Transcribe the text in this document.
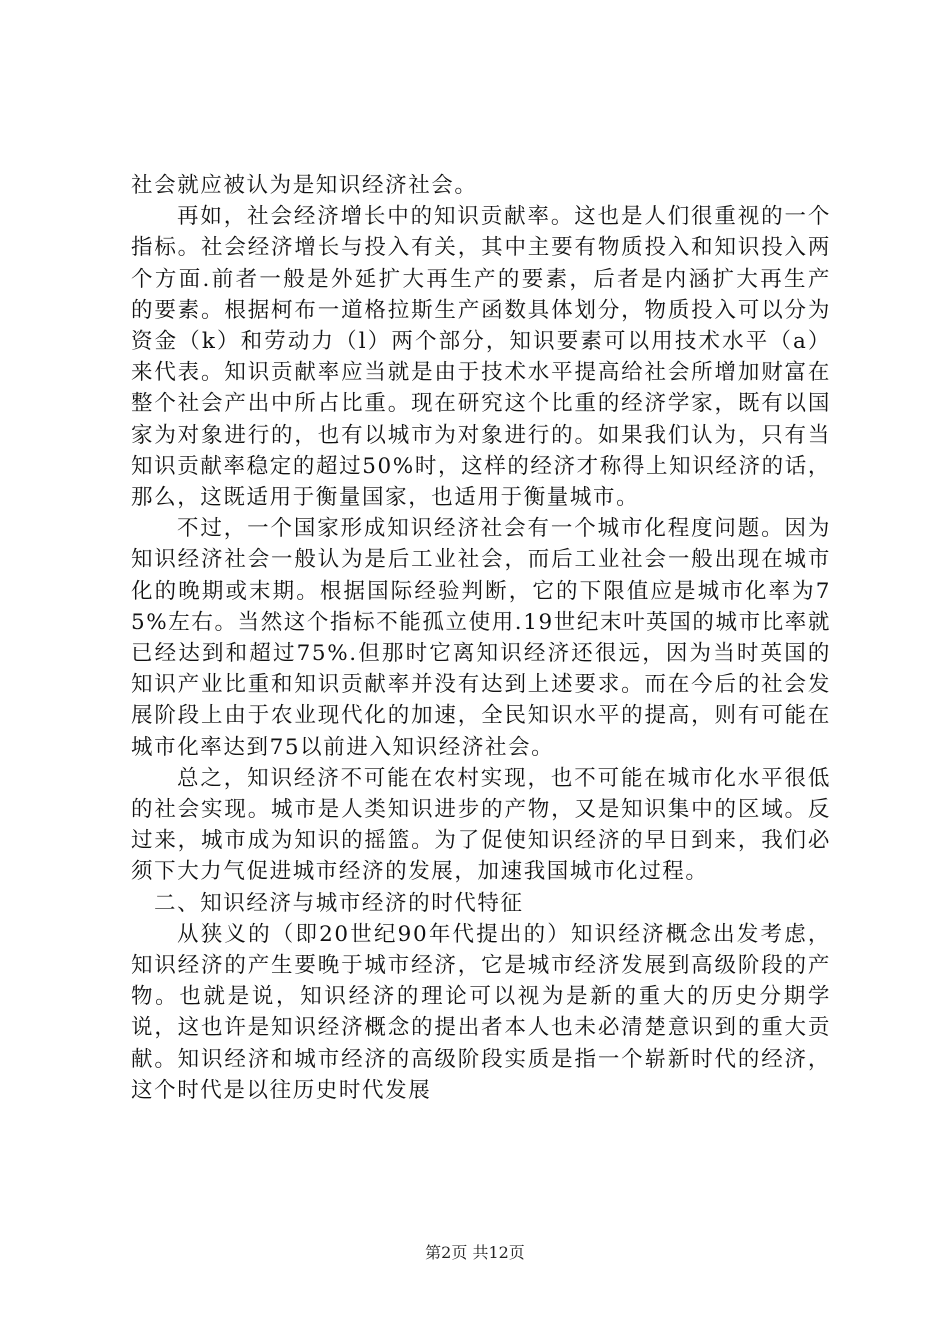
社会就应被认为是知识经济社会。

再如，社会经济增长中的知识贡献率。这也是人们很重视的一个指标。社会经济增长与投入有关，其中主要有物质投入和知识投入两个方面.前者一般是外延扩大再生产的要素，后者是内涵扩大再生产的要素。根据柯布一道格拉斯生产函数具体划分，物质投入可以分为资金（k）和劳动力（l）两个部分，知识要素可以用技术水平（a）来代表。知识贡献率应当就是由于技术水平提高给社会所增加财富在整个社会产出中所占比重。现在研究这个比重的经济学家，既有以国家为对象进行的，也有以城市为对象进行的。如果我们认为，只有当知识贡献率稳定的超过50%时，这样的经济才称得上知识经济的话，那么，这既适用于衡量国家，也适用于衡量城市。

不过，一个国家形成知识经济社会有一个城市化程度问题。因为知识经济社会一般认为是后工业社会，而后工业社会一般出现在城市化的晚期或末期。根据国际经验判断，它的下限值应是城市化率为75%左右。当然这个指标不能孤立使用.19世纪末叶英国的城市比率就已经达到和超过75%.但那时它离知识经济还很远，因为当时英国的知识产业比重和知识贡献率并没有达到上述要求。而在今后的社会发展阶段上由于农业现代化的加速，全民知识水平的提高，则有可能在城市化率达到75以前进入知识经济社会。

总之，知识经济不可能在农村实现，也不可能在城市化水平很低的社会实现。城市是人类知识进步的产物，又是知识集中的区域。反过来，城市成为知识的摇篮。为了促使知识经济的早日到来，我们必须下大力气促进城市经济的发展，加速我国城市化过程。

二、知识经济与城市经济的时代特征

从狭义的（即20世纪90年代提出的）知识经济概念出发考虑，知识经济的产生要晚于城市经济，它是城市经济发展到高级阶段的产物。也就是说，知识经济的理论可以视为是新的重大的历史分期学说，这也许是知识经济概念的提出者本人也未必清楚意识到的重大贡献。知识经济和城市经济的高级阶段实质是指一个崭新时代的经济，这个时代是以往历史时代发展

第2页 共12页
